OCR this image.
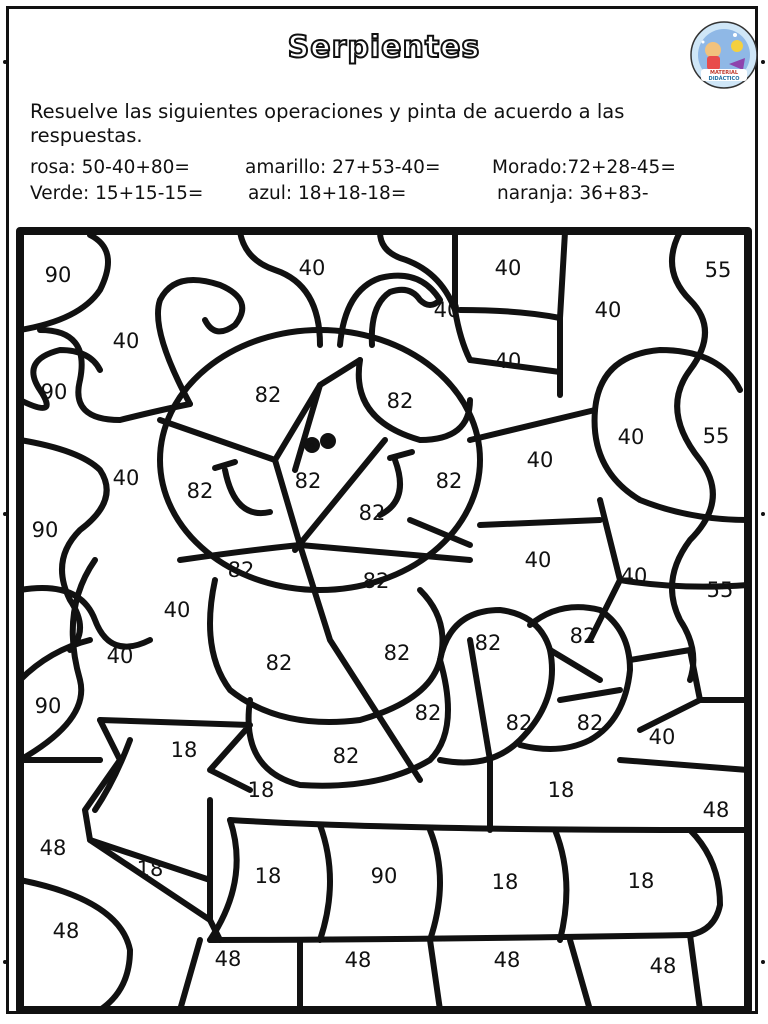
Serpientes
MATERIAL
DIDÁCTICO
Resuelve las siguientes operaciones y pinta de acuerdo a las respuestas.
rosa: 50-40+80=	amarillo: 27+53-40=	Morado:72+28-45=
Verde: 15+15-15= azul: 18+18-18=	naranja: 36+83-
90	40	40
40
55
40
40
40
90	82	82
40	55
40
82	82	82
82
40
90
82	82
40
40
55
82	82
40
40
82	82
82
90	82	82
82
40
18
18	18
48
48
18	18	90	18	18
48
48	48	48	48
